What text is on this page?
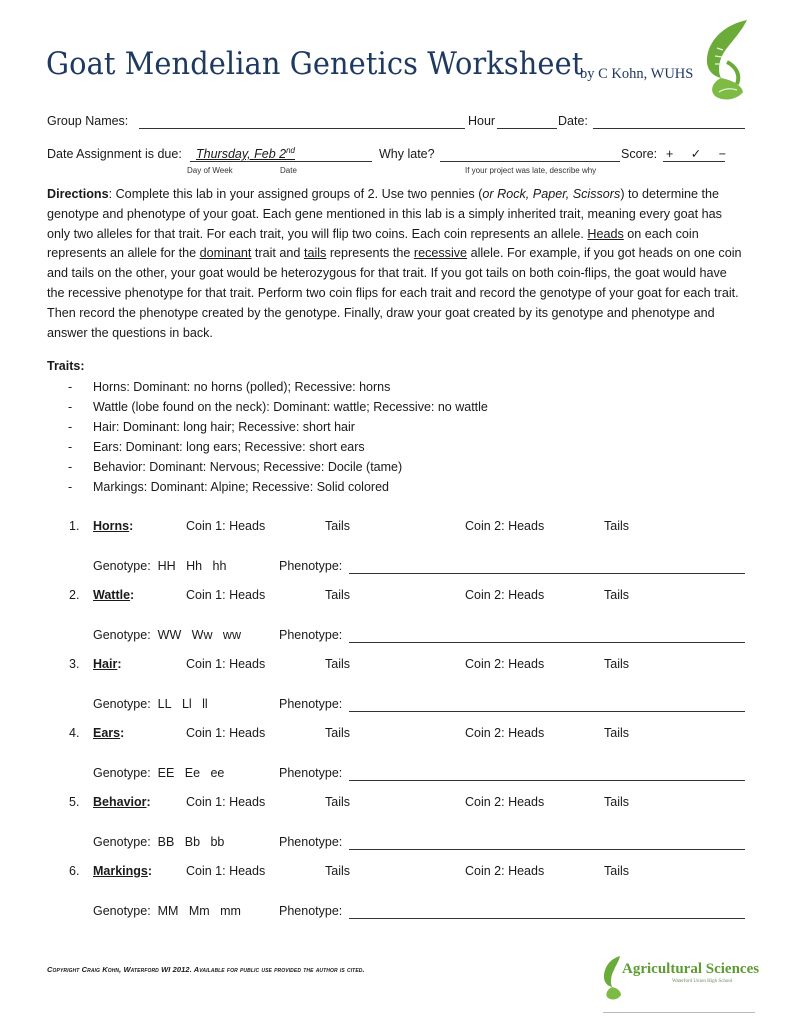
Goat Mendelian Genetics Worksheet
by C Kohn, WUHS
Group Names:	Hour	Date:
Date Assignment is due: Thursday, Feb 2nd
Day of Week	Date
Why late?
If your project was late, describe why
Score: + ✓ −
Directions: Complete this lab in your assigned groups of 2. Use two pennies (or Rock, Paper, Scissors) to determine the genotype and phenotype of your goat. Each gene mentioned in this lab is a simply inherited trait, meaning every goat has only two alleles for that trait. For each trait, you will flip two coins. Each coin represents an allele. Heads on each coin represents an allele for the dominant trait and tails represents the recessive allele. For example, if you got heads on one coin and tails on the other, your goat would be heterozygous for that trait. If you got tails on both coin-flips, the goat would have the recessive phenotype for that trait. Perform two coin flips for each trait and record the genotype of your goat for each trait. Then record the phenotype created by the genotype. Finally, draw your goat created by its genotype and phenotype and answer the questions in back.
Traits:
-	Horns: Dominant: no horns (polled); Recessive: horns
-	Wattle (lobe found on the neck): Dominant: wattle; Recessive: no wattle
-	Hair: Dominant: long hair; Recessive: short hair
-	Ears: Dominant: long ears; Recessive: short ears
-	Behavior: Dominant: Nervous; Recessive: Docile (tame)
-	Markings: Dominant: Alpine; Recessive: Solid colored
1. Horns:	Coin 1: Heads	Tails	Coin 2: Heads	Tails
Genotype: HH Hh hh	Phenotype:
2. Wattle:	Coin 1: Heads	Tails	Coin 2: Heads	Tails
Genotype: WW Ww ww	Phenotype:
3. Hair:	Coin 1: Heads	Tails	Coin 2: Heads	Tails
Genotype: LL Ll ll	Phenotype:
4. Ears:	Coin 1: Heads	Tails	Coin 2: Heads	Tails
Genotype: EE Ee ee	Phenotype:
5. Behavior:	Coin 1: Heads	Tails	Coin 2: Heads	Tails
Genotype: BB Bb bb	Phenotype:
6. Markings:	Coin 1: Heads	Tails	Coin 2: Heads	Tails
Genotype: MM Mm mm	Phenotype:
Copyright Craig Kohn, Waterford WI 2012. Available for public use provided the author is cited.	Agricultural Sciences
Waterford Union High School
